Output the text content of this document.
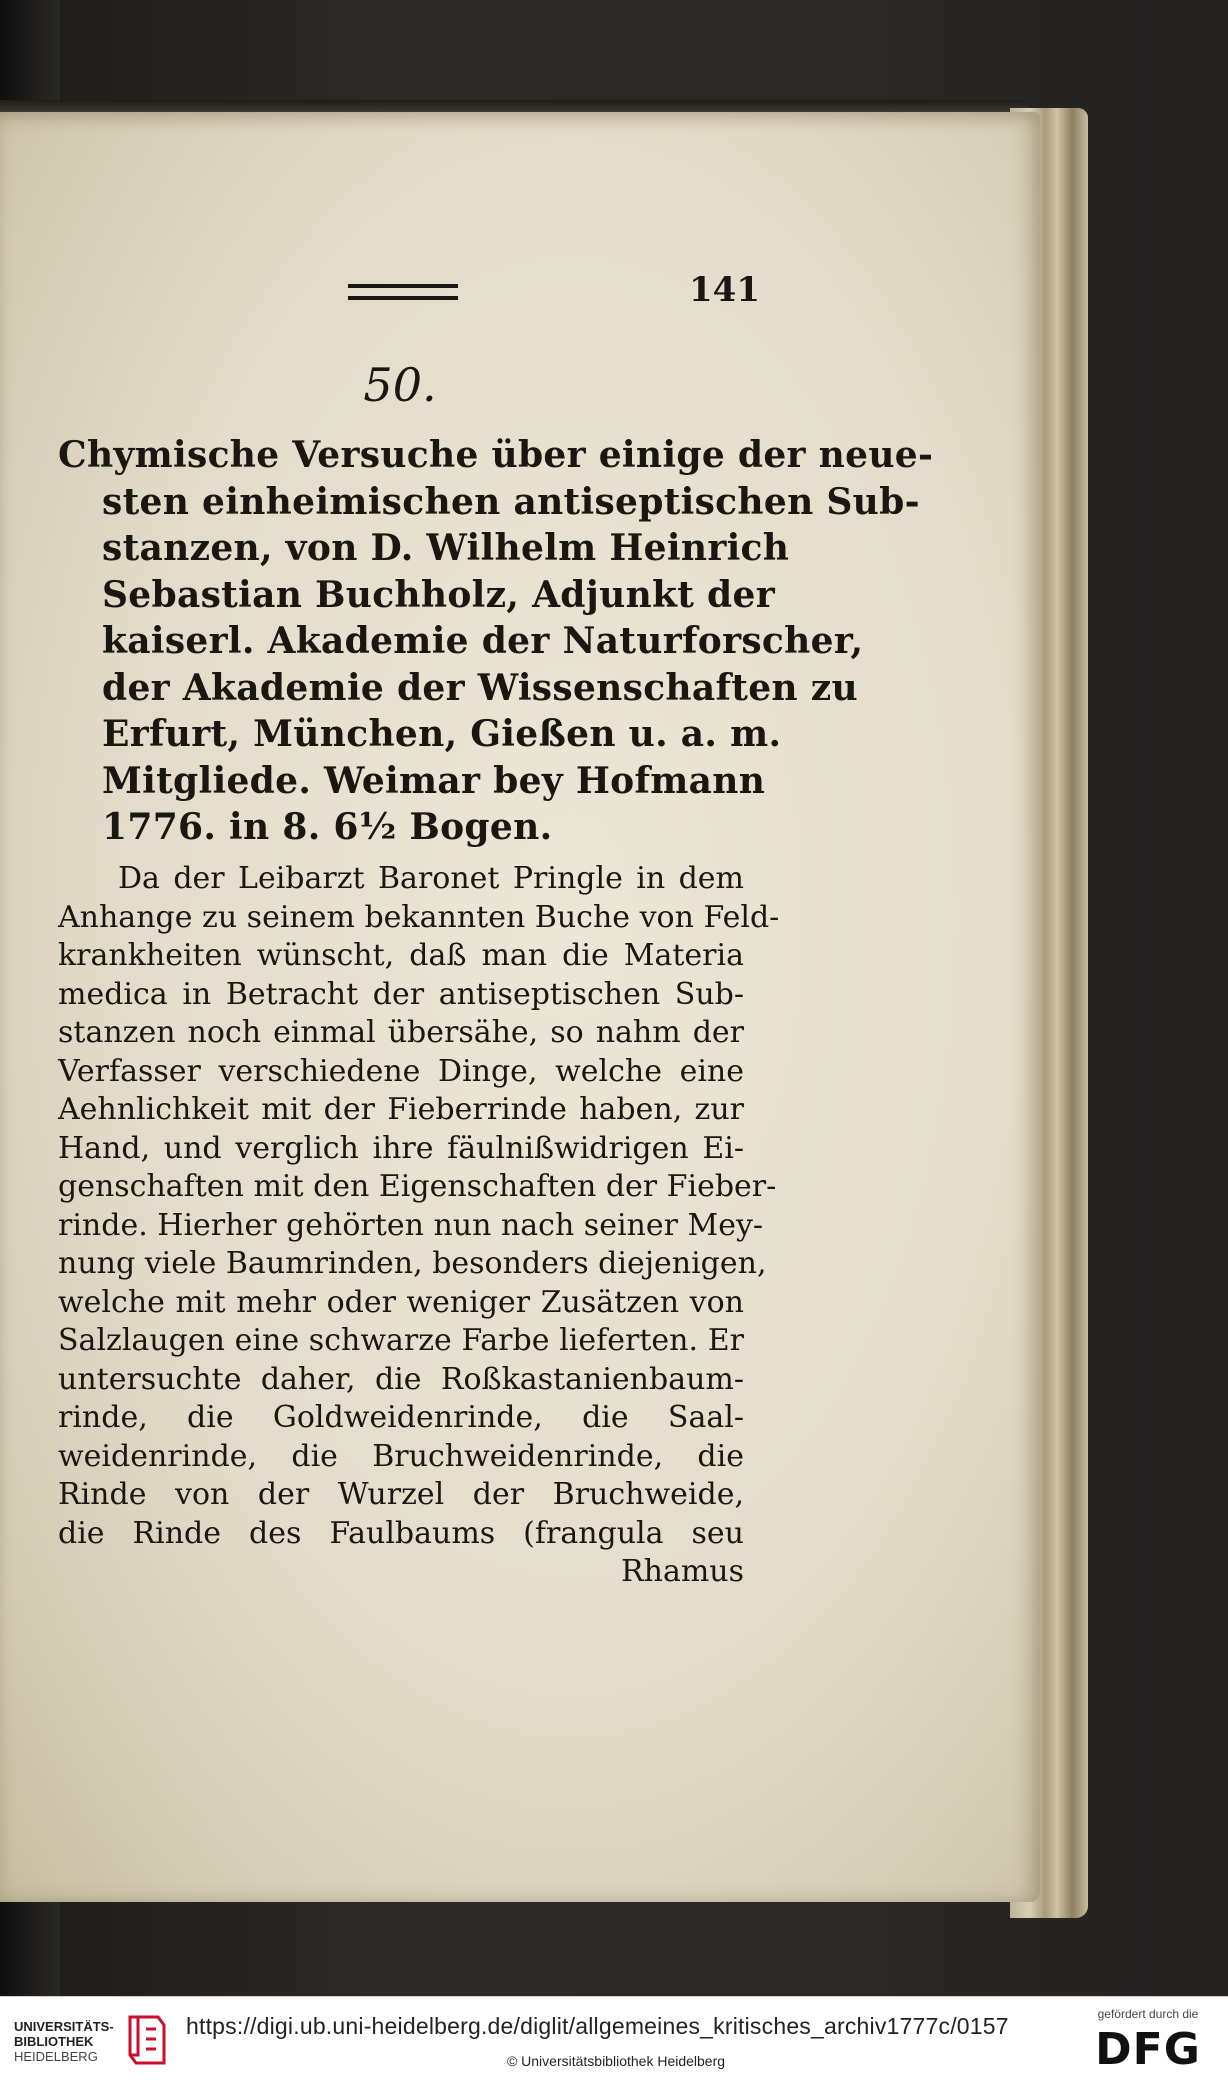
141
50.
Chymische Versuche über einige der neue-
sten einheimischen antiseptischen Sub-
stanzen, von D. Wilhelm Heinrich
Sebastian Buchholz, Adjunkt der
kaiserl. Akademie der Naturforscher,
der Akademie der Wissenschaften zu
Erfurt, München, Gießen u. a. m.
Mitgliede. Weimar bey Hofmann
1776. in 8. 6½ Bogen.
Da der Leibarzt Baronet Pringle in dem
Anhange zu seinem bekannten Buche von Feld-
krankheiten wünscht, daß man die Materia
medica in Betracht der antiseptischen Sub-
stanzen noch einmal übersähe, so nahm der
Verfasser verschiedene Dinge, welche eine
Aehnlichkeit mit der Fieberrinde haben, zur
Hand, und verglich ihre fäulnißwidrigen Ei-
genschaften mit den Eigenschaften der Fieber-
rinde. Hierher gehörten nun nach seiner Mey-
nung viele Baumrinden, besonders diejenigen,
welche mit mehr oder weniger Zusätzen von
Salzlaugen eine schwarze Farbe lieferten. Er
untersuchte daher, die Roßkastanienbaum-
rinde, die Goldweidenrinde, die Saal-
weidenrinde, die Bruchweidenrinde, die
Rinde von der Wurzel der Bruchweide,
die Rinde des Faulbaums (frangula seu
Rhamus
UNIVERSITÄTS-
BIBLIOTHEK
HEIDELBERG
https://digi.ub.uni-heidelberg.de/diglit/allgemeines_kritisches_archiv1777c/0157
© Universitätsbibliothek Heidelberg
gefördert durch die
DFG
